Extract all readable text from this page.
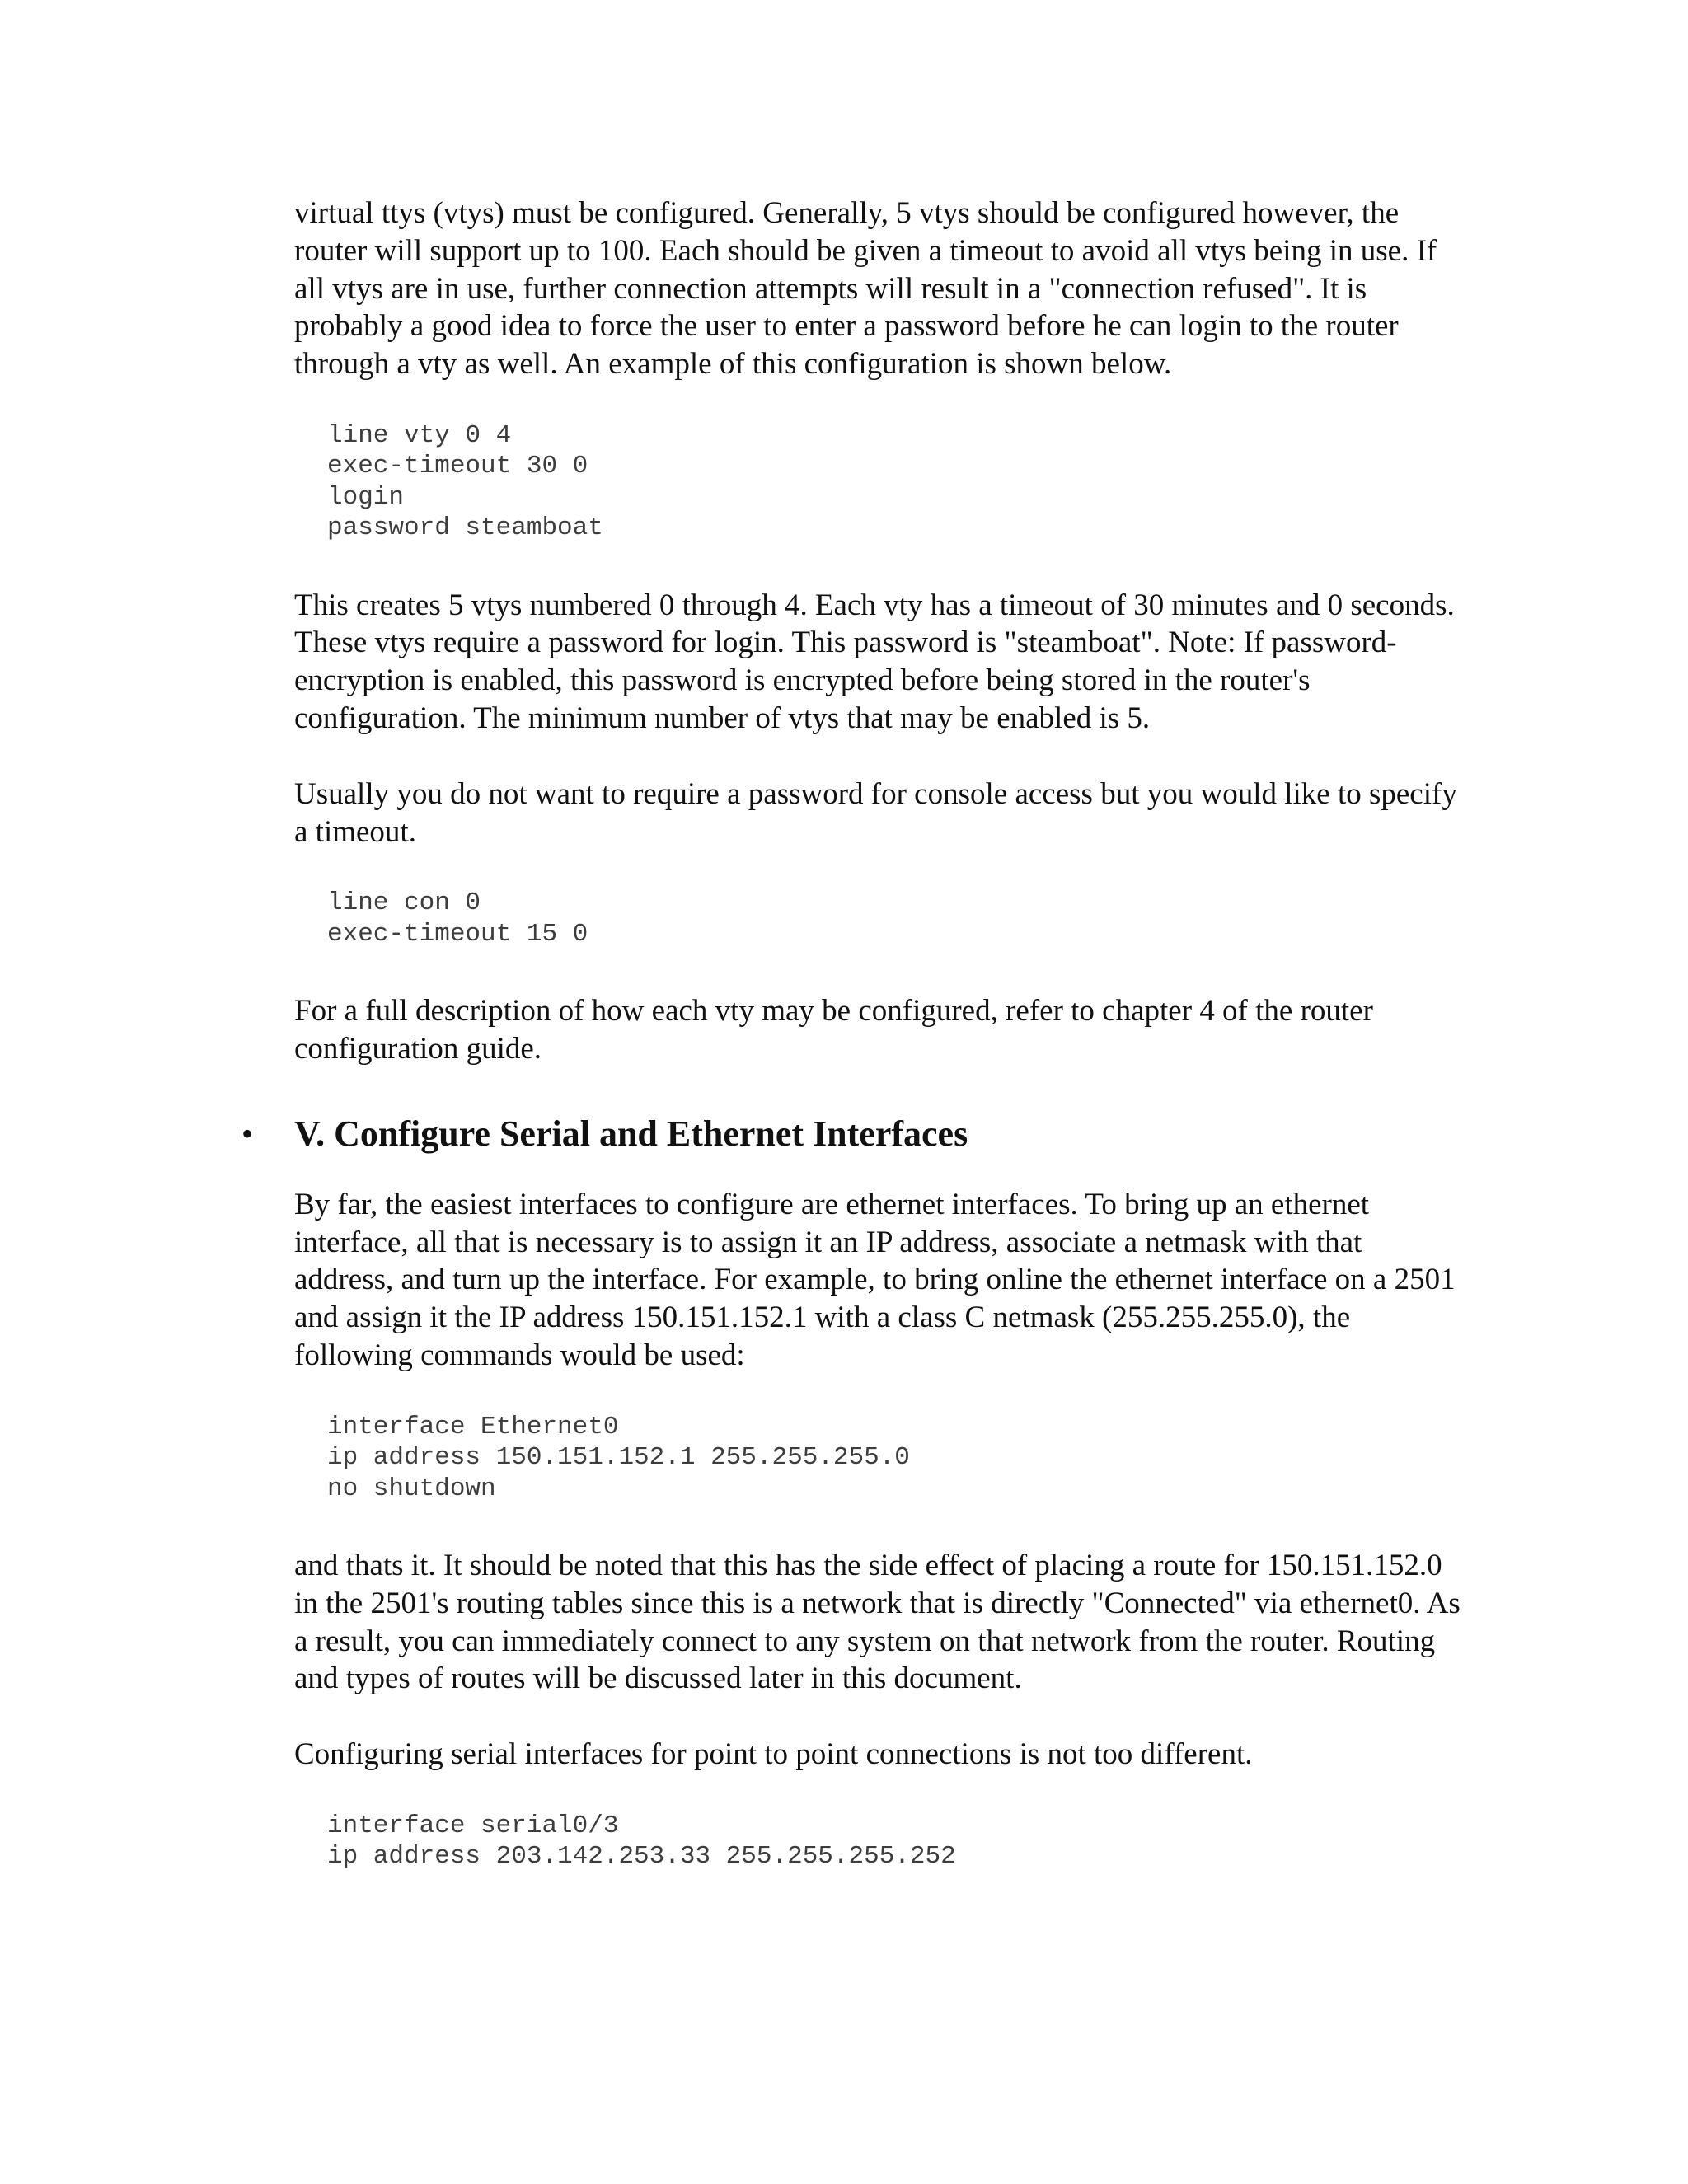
virtual ttys (vtys) must be configured. Generally, 5 vtys should be configured however, the router will support up to 100. Each should be given a timeout to avoid all vtys being in use. If all vtys are in use, further connection attempts will result in a "connection refused". It is probably a good idea to force the user to enter a password before he can login to the router through a vty as well. An example of this configuration is shown below.

line vty 0 4
exec-timeout 30 0
login
password steamboat

This creates 5 vtys numbered 0 through 4. Each vty has a timeout of 30 minutes and 0 seconds. These vtys require a password for login. This password is "steamboat". Note: If password-encryption is enabled, this password is encrypted before being stored in the router's configuration. The minimum number of vtys that may be enabled is 5.

Usually you do not want to require a password for console access but you would like to specify a timeout.

line con 0
exec-timeout 15 0

For a full description of how each vty may be configured, refer to chapter 4 of the router configuration guide.

• V. Configure Serial and Ethernet Interfaces

By far, the easiest interfaces to configure are ethernet interfaces. To bring up an ethernet interface, all that is necessary is to assign it an IP address, associate a netmask with that address, and turn up the interface. For example, to bring online the ethernet interface on a 2501 and assign it the IP address 150.151.152.1 with a class C netmask (255.255.255.0), the following commands would be used:

interface Ethernet0
ip address 150.151.152.1 255.255.255.0
no shutdown

and thats it. It should be noted that this has the side effect of placing a route for 150.151.152.0 in the 2501's routing tables since this is a network that is directly "Connected" via ethernet0. As a result, you can immediately connect to any system on that network from the router. Routing and types of routes will be discussed later in this document.

Configuring serial interfaces for point to point connections is not too different.

interface serial0/3
ip address 203.142.253.33 255.255.255.252
